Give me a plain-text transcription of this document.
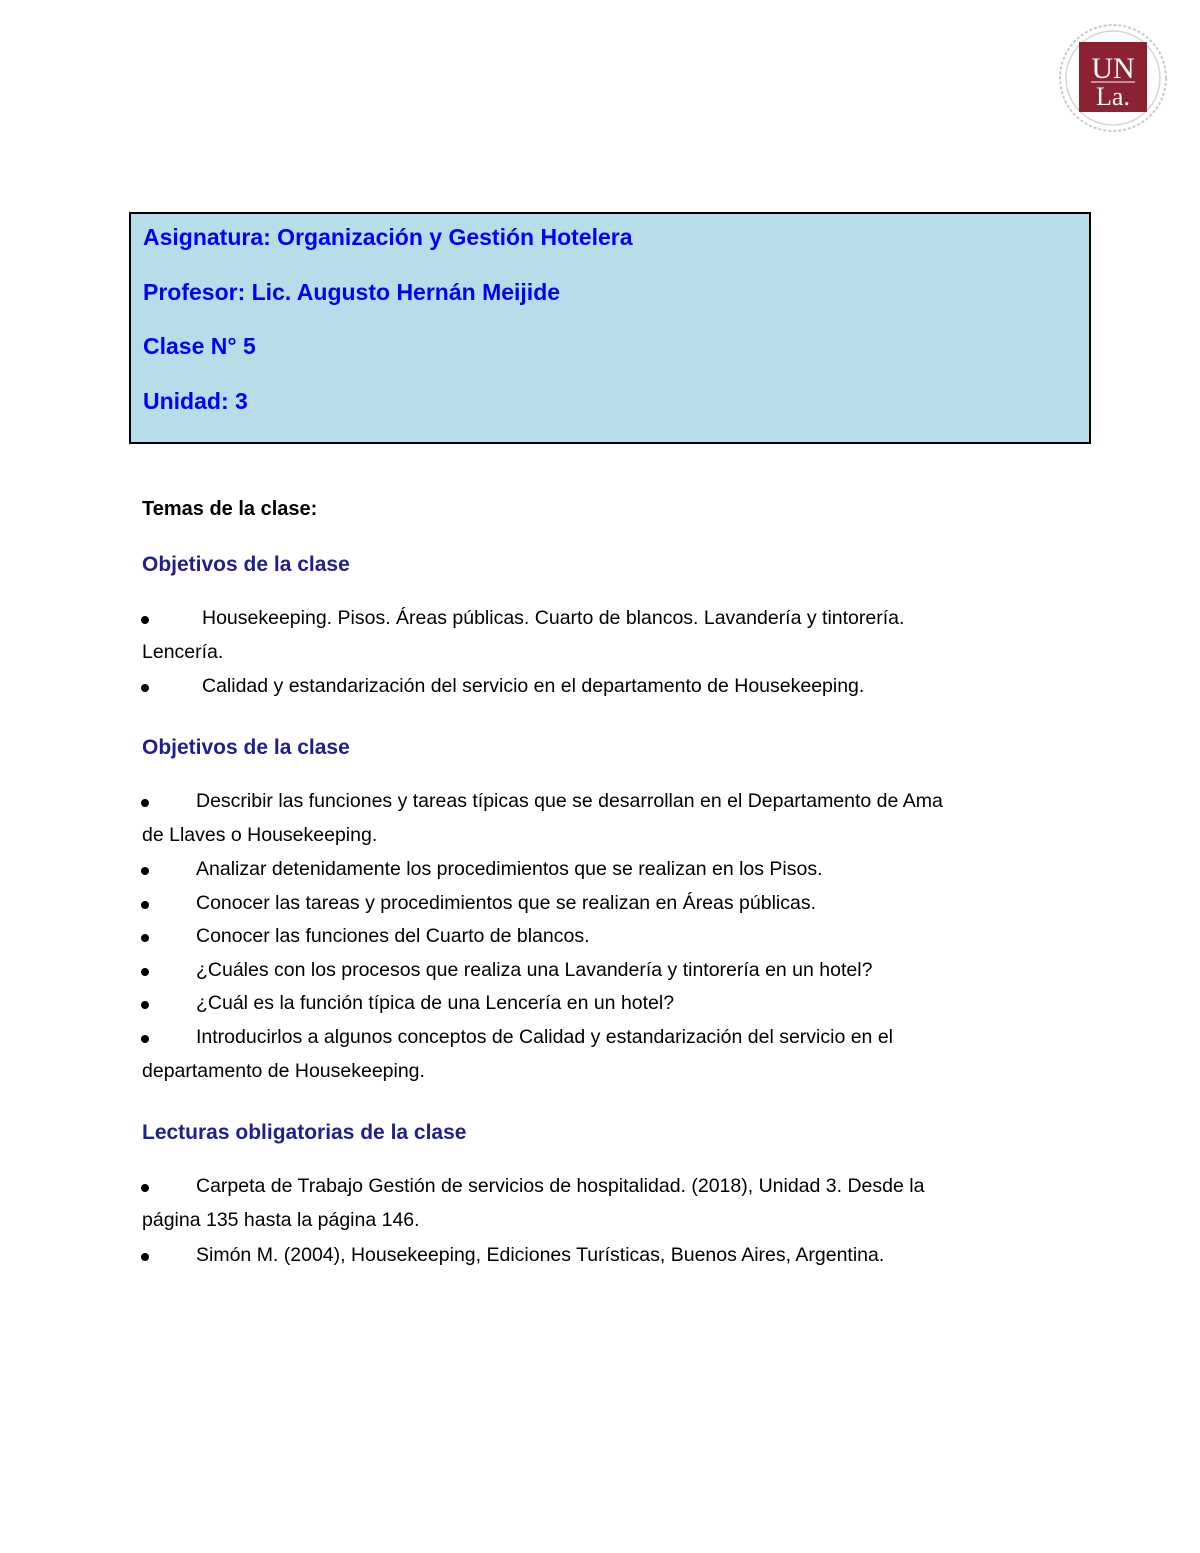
UN
La.
Asignatura: Organización y Gestión Hotelera
Profesor: Lic. Augusto Hernán Meijide
Clase N° 5
Unidad: 3
Temas de la clase:
Objetivos de la clase
Housekeeping. Pisos. Áreas públicas. Cuarto de blancos. Lavandería y tintorería.
Lencería.
Calidad y estandarización del servicio en el departamento de Housekeeping.
Objetivos de la clase
Describir las funciones y tareas típicas que se desarrollan en el Departamento de Ama
de Llaves o Housekeeping.
Analizar detenidamente los procedimientos que se realizan en los Pisos.
Conocer las tareas y procedimientos que se realizan en Áreas públicas.
Conocer las funciones del Cuarto de blancos.
¿Cuáles con los procesos que realiza una Lavandería y tintorería en un hotel?
¿Cuál es la función típica de una Lencería en un hotel?
Introducirlos a algunos conceptos de Calidad y estandarización del servicio en el
departamento de Housekeeping.
Lecturas obligatorias de la clase
Carpeta de Trabajo Gestión de servicios de hospitalidad. (2018), Unidad 3. Desde la
página 135 hasta la página 146.
Simón M. (2004), Housekeeping, Ediciones Turísticas, Buenos Aires, Argentina.
